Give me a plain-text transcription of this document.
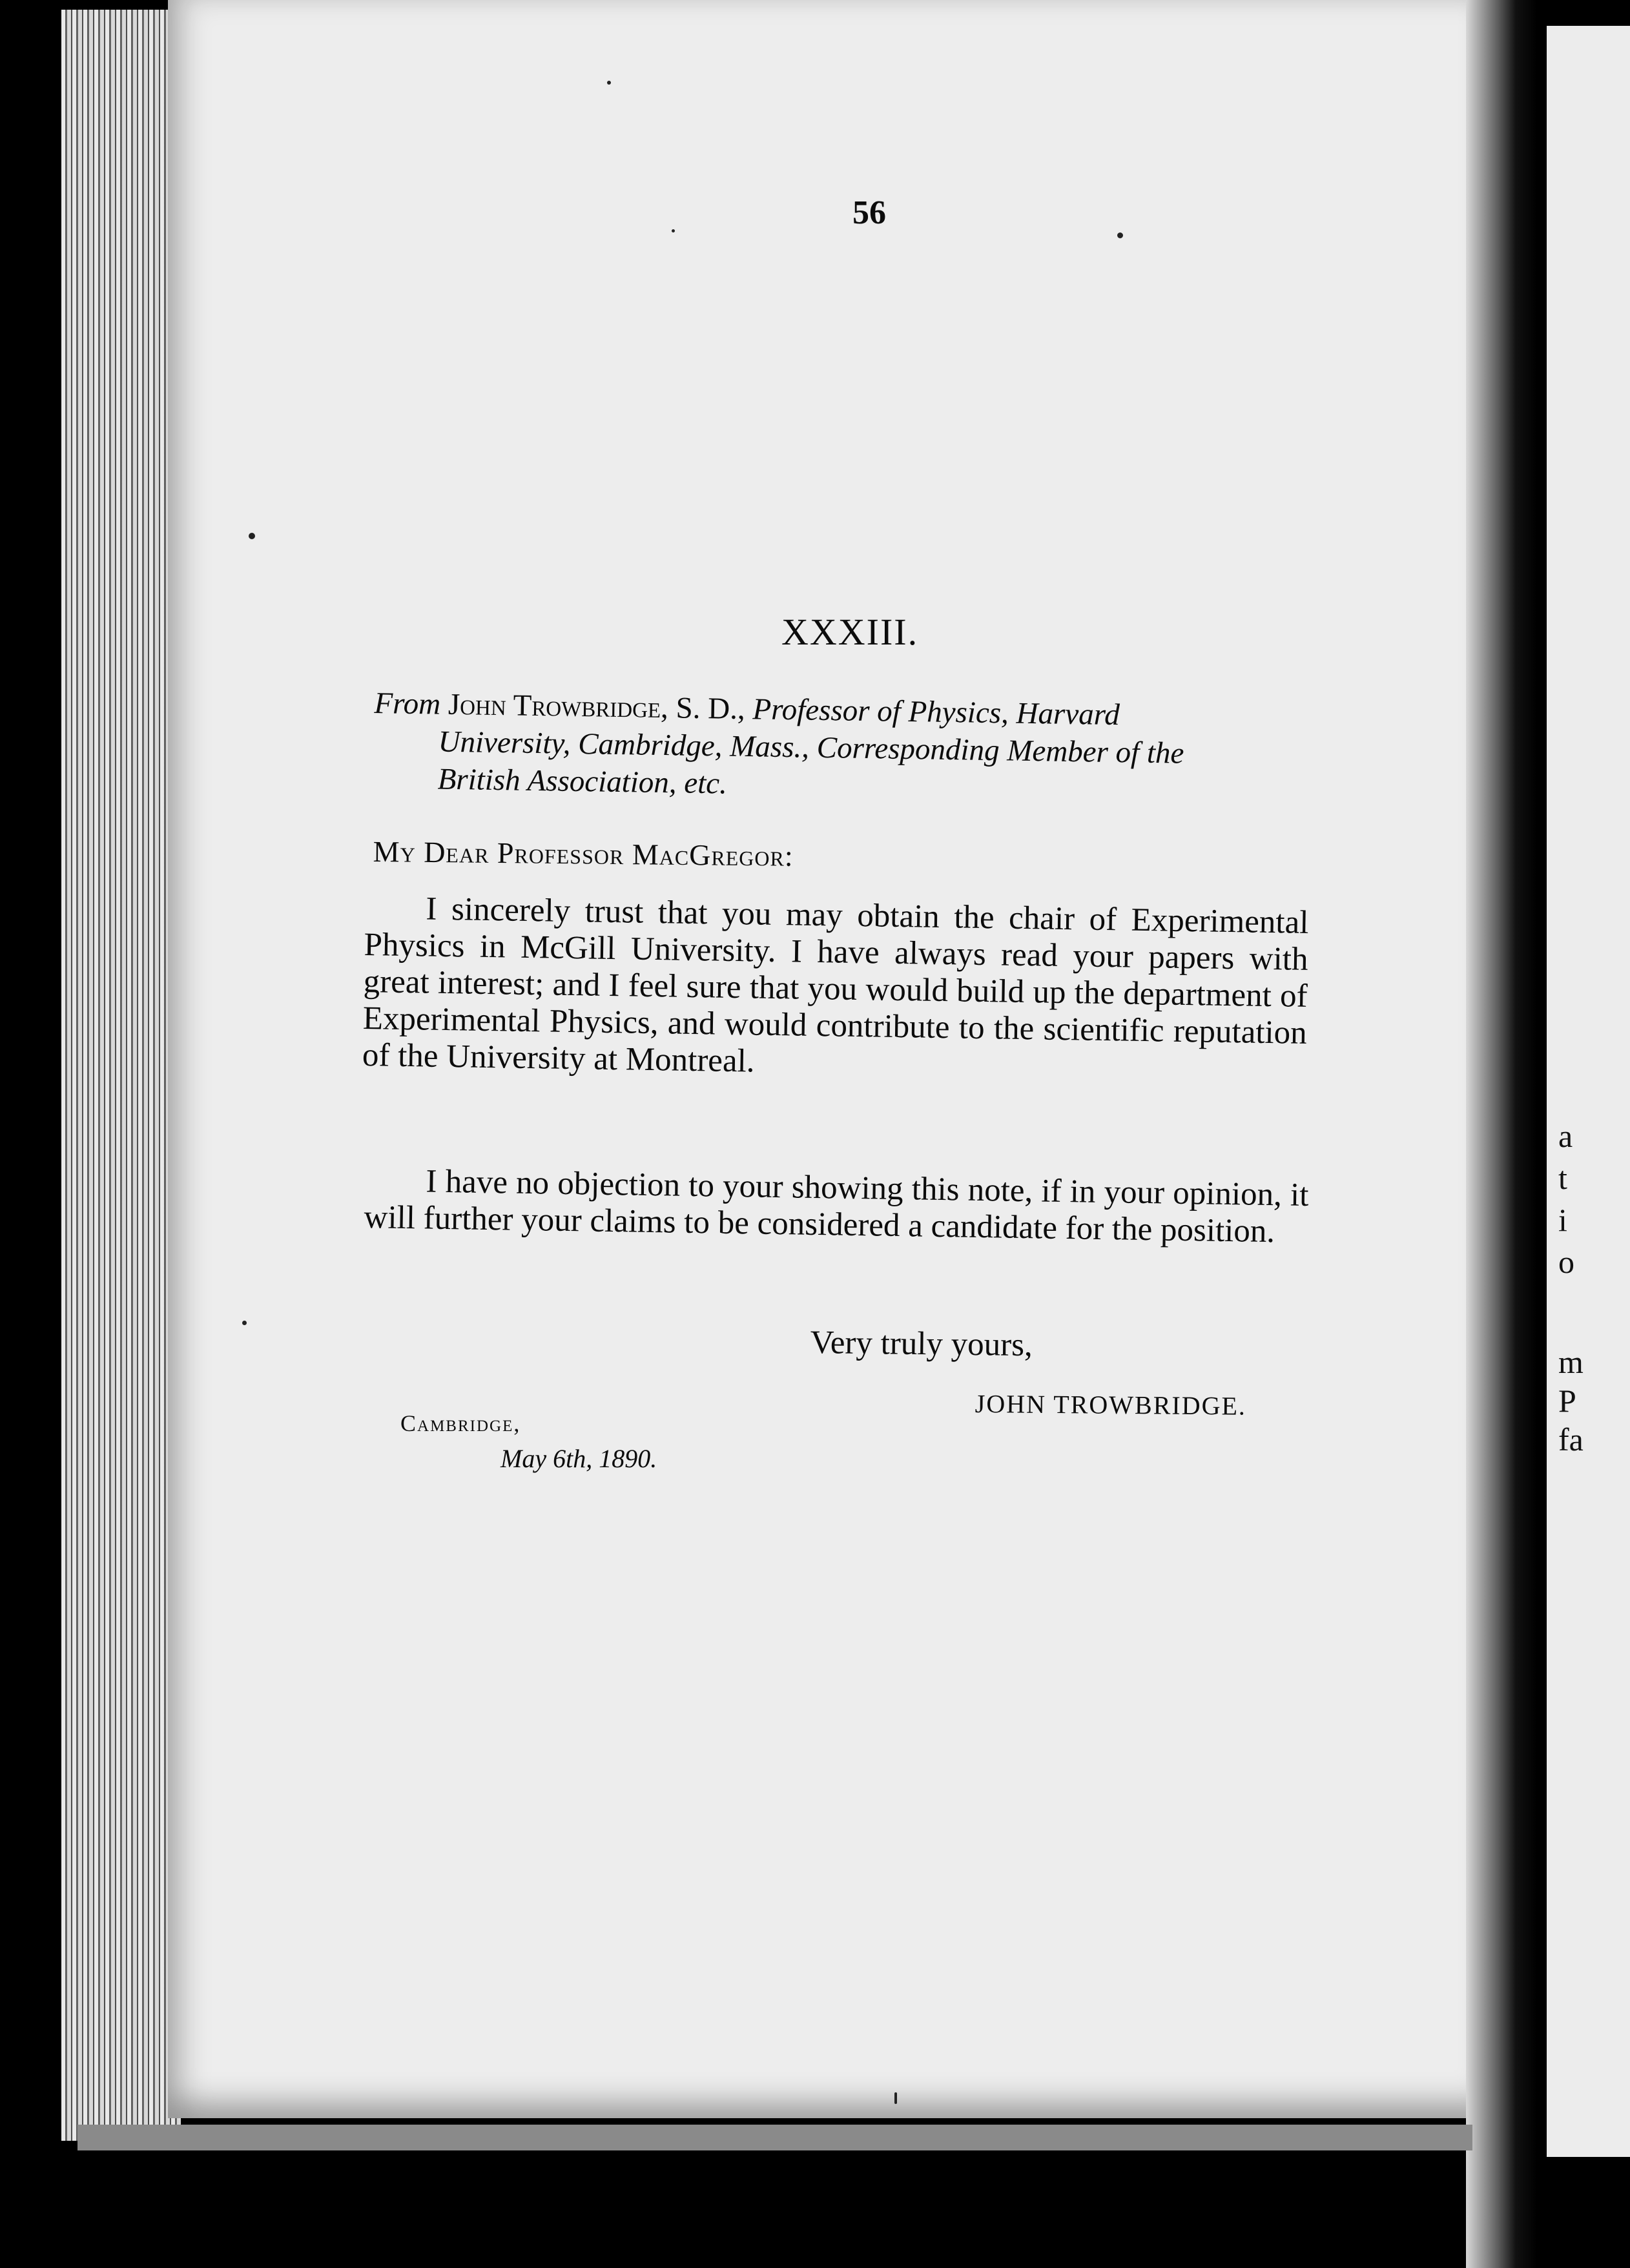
a
t
i
o
m
P
fa
56
XXXIII.
From John Trowbridge, S. D., Professor of Physics, Harvard
University, Cambridge, Mass., Corresponding Member of the
British Association, etc.
My Dear Professor MacGregor:
I sincerely trust that you may obtain the chair of Experimental Physics in McGill University. I have always read your papers with great interest; and I feel sure that you would build up the department of Experimental Physics, and would contribute to the scientific reputation of the University at Montreal.
I have no objection to your showing this note, if in your opinion, it will further your claims to be considered a candidate for the position.
Very truly yours,
JOHN TROWBRIDGE.
Cambridge,
May 6th, 1890.
